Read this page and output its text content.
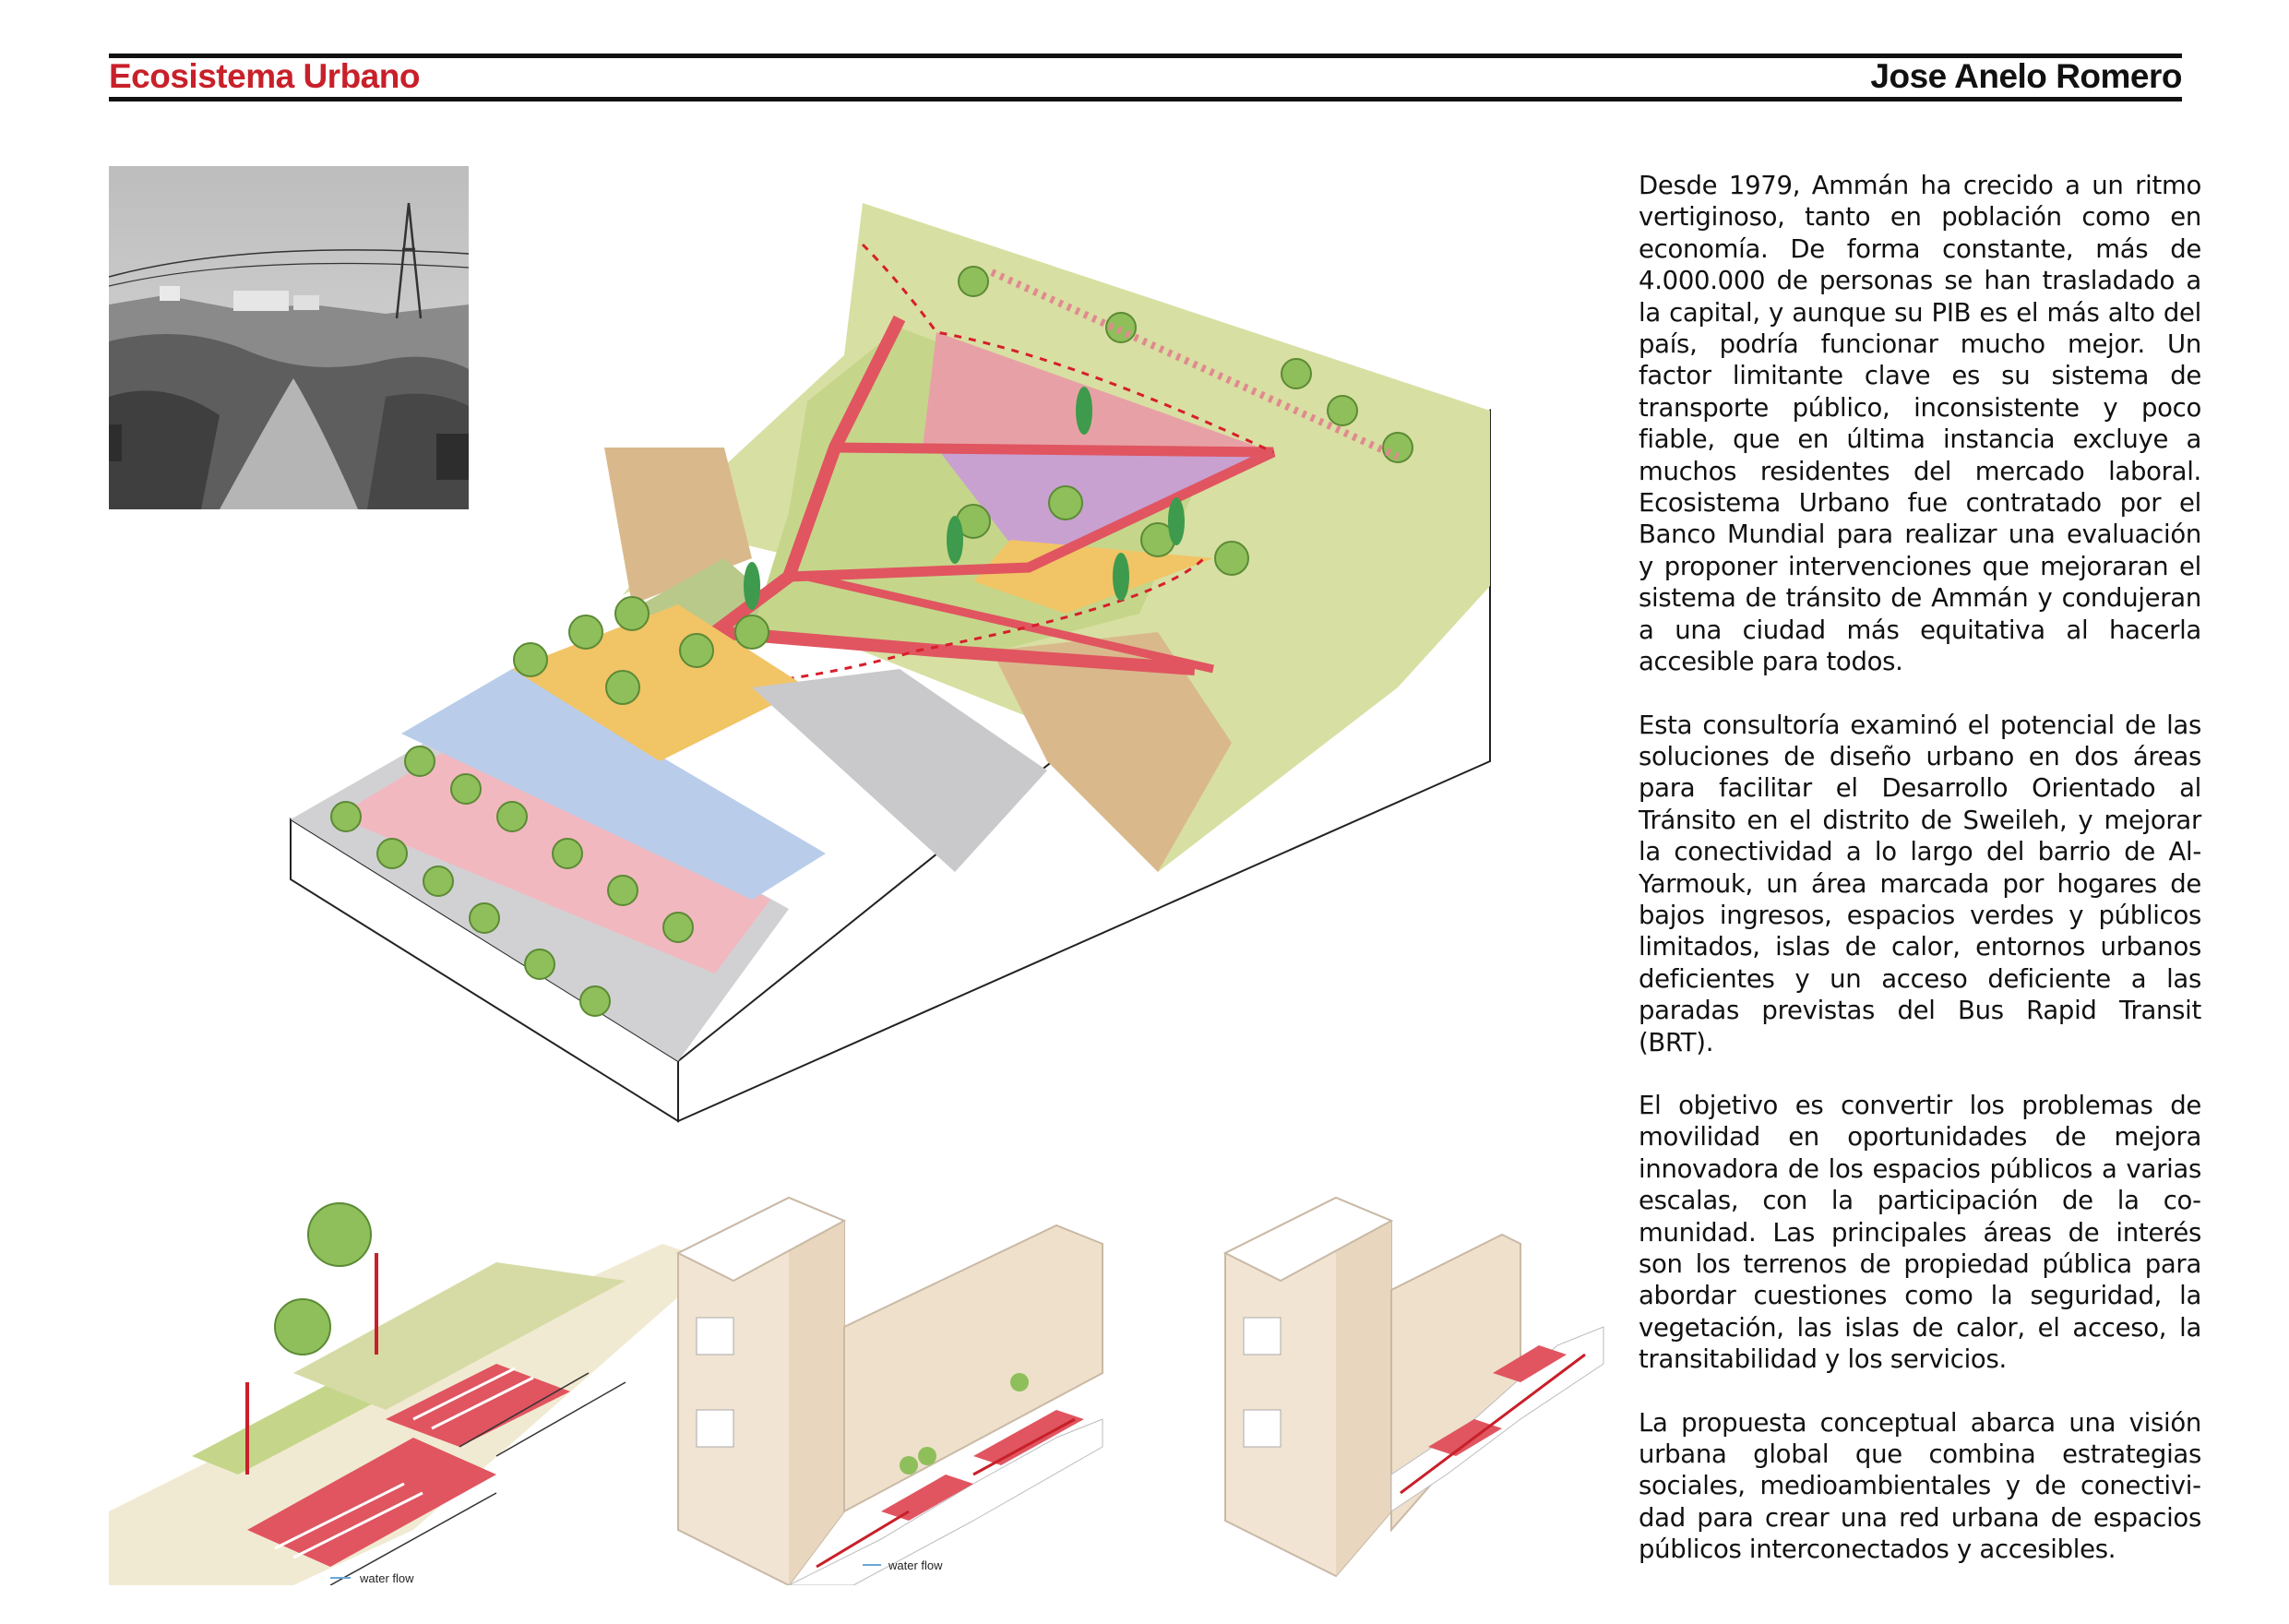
Ecosistema Urbano	Jose Anelo Romero
water flow
water flow

Desde 1979, Ammán ha crecido a un ritmo vertiginoso, tanto en población como en economía. De forma constante, más de 4.000.000 de personas se han trasladado a la capital, y aunque su PIB es el más alto del país, podría funcionar mucho mejor. Un factor limitante clave es su sistema de transporte público, inconsistente y poco fiable, que en última instancia excluye a muchos residentes del mercado laboral. Ecosistema Urbano fue contratado por el Banco Mundial para realizar una evaluación y proponer intervenciones que mejoraran el sistema de tránsito de Ammán y condujeran a una ciudad más equitativa al hacerla accesible para todos.

Esta consultoría examinó el potencial de las soluciones de diseño urbano en dos áreas para facilitar el Desarrollo Orientado al Tránsito en el distrito de Sweileh, y mejorar la conectividad a lo largo del barrio de Al-Yarmouk, un área marcada por hogares de bajos ingresos, espacios verdes y públicos limitados, islas de calor, entornos urbanos deficientes y un acceso deficiente a las paradas previstas del Bus Rapid Transit (BRT).

El objetivo es convertir los problemas de movilidad en oportunidades de mejora innovadora de los espacios públicos a varias escalas, con la participación de la comunidad. Las principales áreas de interés son los terrenos de propiedad pública para abordar cuestiones como la seguridad, la vegetación, las islas de calor, el acceso, la transitabilidad y los servicios.

La propuesta conceptual abarca una visión urbana global que combina estrategias sociales, medioambientales y de conectividad para crear una red urbana de espacios públicos interconectados y accesibles.
